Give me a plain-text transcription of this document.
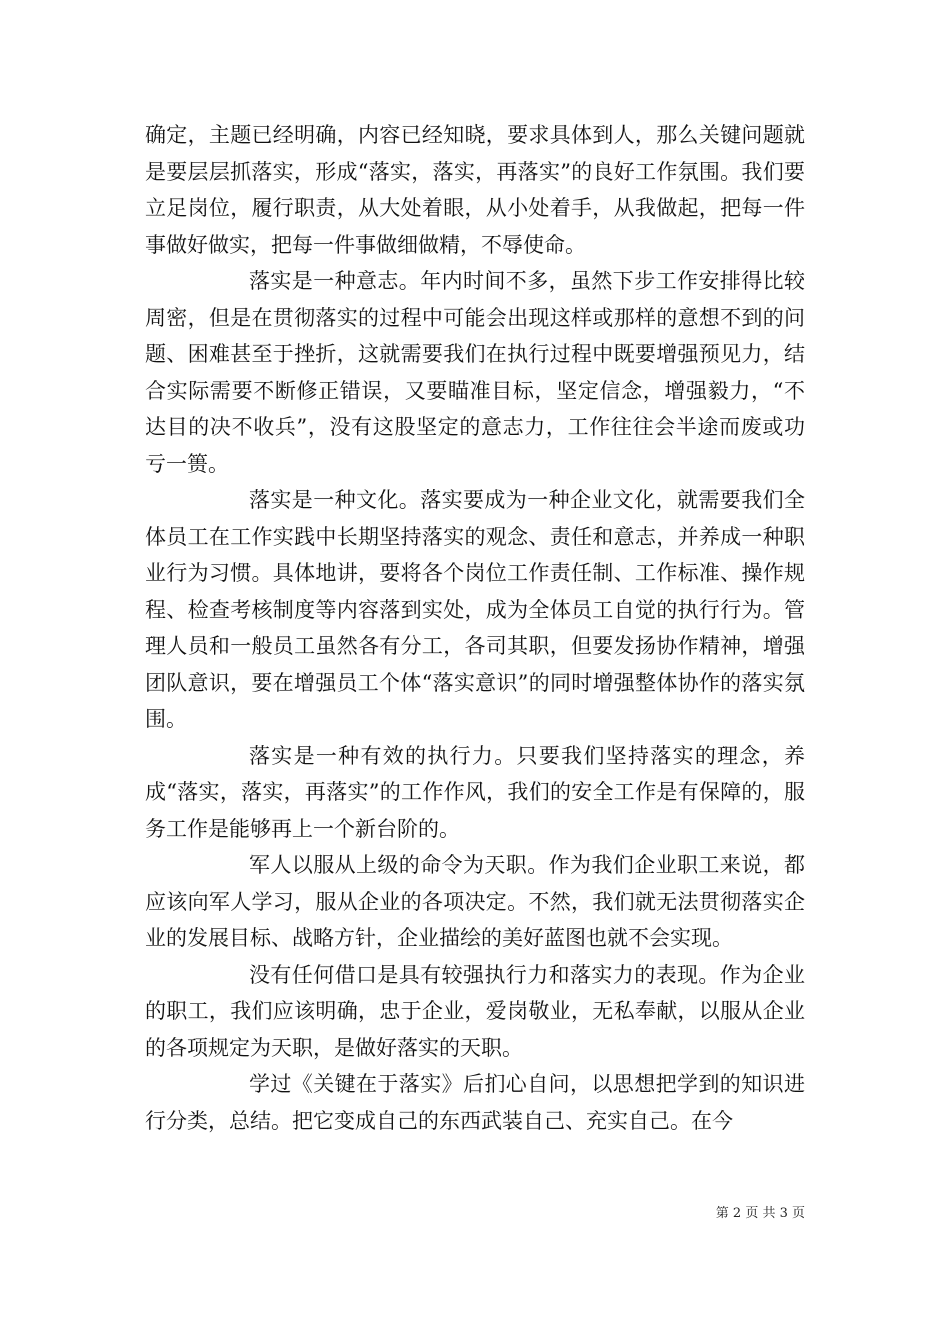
确定，主题已经明确，内容已经知晓，要求具体到人，那么关键问题就是要层层抓落实，形成“落实，落实，再落实”的良好工作氛围。我们要立足岗位，履行职责，从大处着眼，从小处着手，从我做起，把每一件事做好做实，把每一件事做细做精，不辱使命。

落实是一种意志。年内时间不多，虽然下步工作安排得比较周密，但是在贯彻落实的过程中可能会出现这样或那样的意想不到的问题、困难甚至于挫折，这就需要我们在执行过程中既要增强预见力，结合实际需要不断修正错误，又要瞄准目标，坚定信念，增强毅力，“不达目的决不收兵”，没有这股坚定的意志力，工作往往会半途而废或功亏一篑。

落实是一种文化。落实要成为一种企业文化，就需要我们全体员工在工作实践中长期坚持落实的观念、责任和意志，并养成一种职业行为习惯。具体地讲，要将各个岗位工作责任制、工作标准、操作规程、检查考核制度等内容落到实处，成为全体员工自觉的执行行为。管理人员和一般员工虽然各有分工，各司其职，但要发扬协作精神，增强团队意识，要在增强员工个体“落实意识”的同时增强整体协作的落实氛围。

落实是一种有效的执行力。只要我们坚持落实的理念，养成“落实，落实，再落实”的工作作风，我们的安全工作是有保障的，服务工作是能够再上一个新台阶的。

军人以服从上级的命令为天职。作为我们企业职工来说，都应该向军人学习，服从企业的各项决定。不然，我们就无法贯彻落实企业的发展目标、战略方针，企业描绘的美好蓝图也就不会实现。

没有任何借口是具有较强执行力和落实力的表现。作为企业的职工，我们应该明确，忠于企业，爱岗敬业，无私奉献，以服从企业的各项规定为天职，是做好落实的天职。

学过《关键在于落实》后扪心自问，以思想把学到的知识进行分类，总结。把它变成自己的东西武装自己、充实自己。在今

第 2 页 共 3 页
